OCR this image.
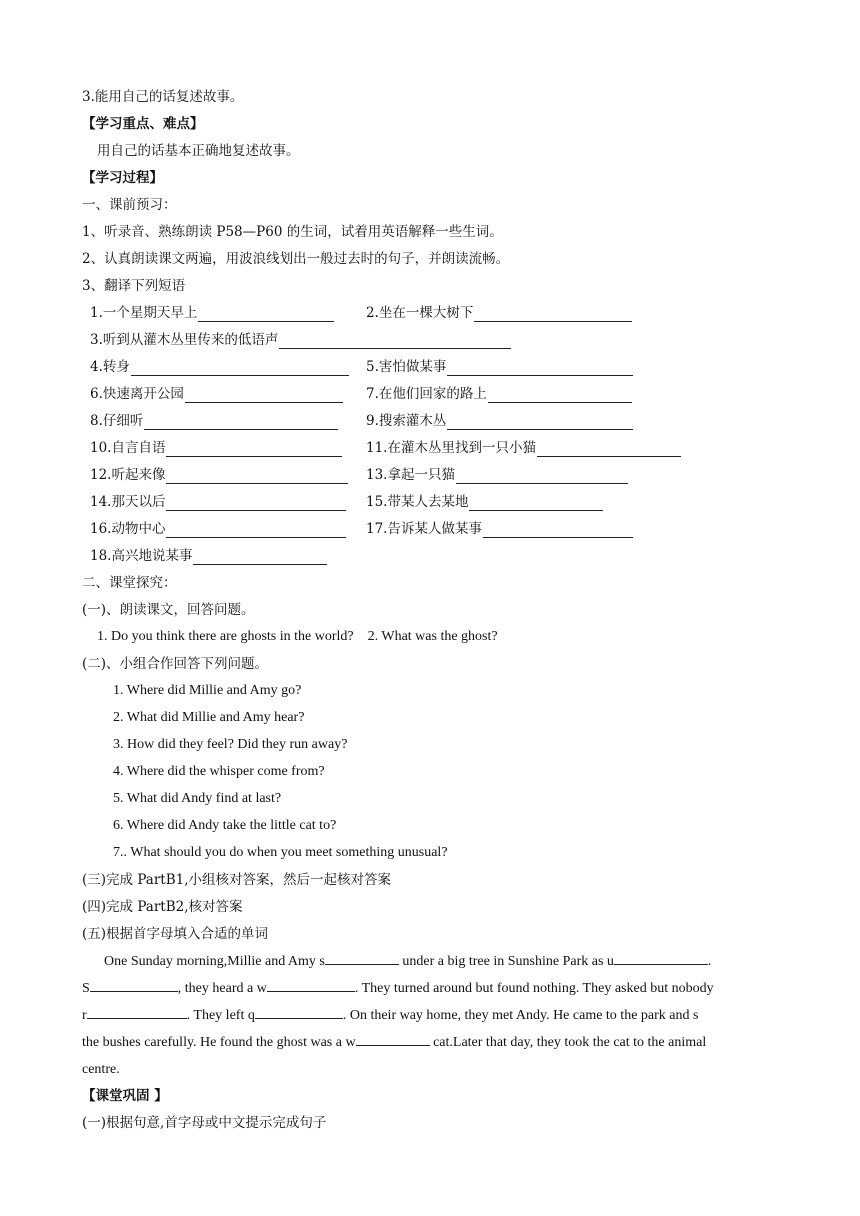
3.能用自己的话复述故事。
【学习重点、难点】
用自己的话基本正确地复述故事。
【学习过程】
一、课前预习：
1、听录音、熟练朗读 P58—P60 的生词，试着用英语解释一些生词。
2、认真朗读课文两遍，用波浪线划出一般过去时的句子，并朗读流畅。
3、翻译下列短语
1.一个星期天早上	2.坐在一棵大树下
3.听到从灌木丛里传来的低语声
4.转身	5.害怕做某事
6.快速离开公园	7.在他们回家的路上
8.仔细听	9.搜索灌木丛
10.自言自语	11.在灌木丛里找到一只小猫
12.听起来像	13.拿起一只猫
14.那天以后	15.带某人去某地
16.动物中心	17.告诉某人做某事
18.高兴地说某事
二、课堂探究：
(一)、朗读课文，回答问题。
1. Do you think there are ghosts in the world?    2. What was the ghost?
(二)、小组合作回答下列问题。
1. Where did Millie and Amy go?
2. What did Millie and Amy hear?
3. How did they feel? Did they run away?
4. Where did the whisper come from?
5. What did Andy find at last?
6. Where did Andy take the little cat to?
7.. What should you do when you meet something unusual?
(三)完成 PartB1,小组核对答案，然后一起核对答案
(四)完成 PartB2,核对答案
(五)根据首字母填入合适的单词
One Sunday morning,Millie and Amy s	under a big tree in Sunshine Park as u	.
S	, they heard a w	. They turned around but found nothing. They asked but nobody
r	. They left q	. On their way home, they met Andy. He came to the park and s
the bushes carefully. He found the ghost was a w	cat.Later that day, they took the cat to the animal
centre.
【课堂巩固 】
(一)根据句意,首字母或中文提示完成句子
